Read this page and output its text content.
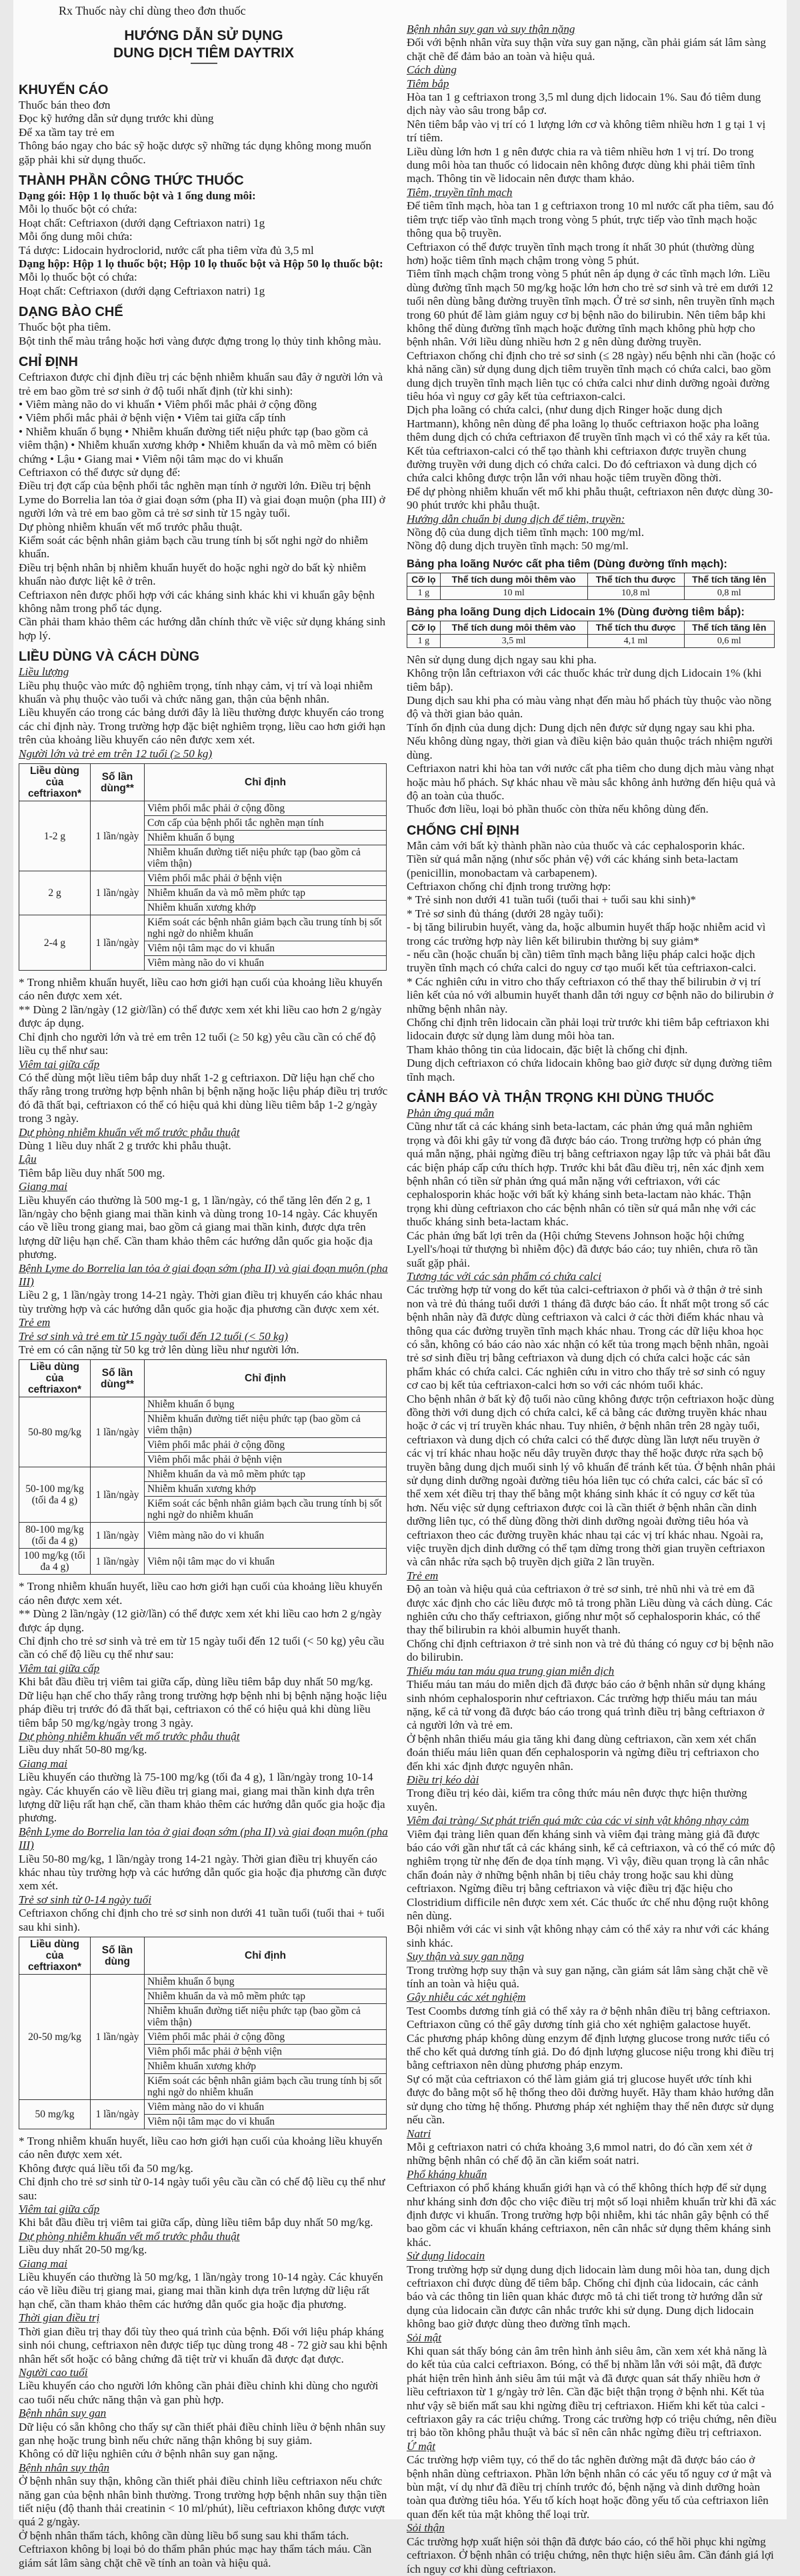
Rx Thuốc này chỉ dùng theo đơn thuốc
HƯỚNG DẪN SỬ DỤNG
DUNG DỊCH TIÊM DAYTRIX
KHUYẾN CÁO

Thuốc bán theo đơn

Đọc kỹ hướng dẫn sử dụng trước khi dùng

Để xa tầm tay trẻ em

Thông báo ngay cho bác sỹ hoặc dược sỹ những tác dụng không mong muốn gặp phải khi sử dụng thuốc.

THÀNH PHẦN CÔNG THỨC THUỐC

Dạng gói: Hộp 1 lọ thuốc bột và 1 ống dung môi:

Mỗi lọ thuốc bột có chứa:

Hoạt chất: Ceftriaxon (dưới dạng Ceftriaxon natri) 1g

Mỗi ống dung môi chứa:

Tá dược: Lidocain hydroclorid, nước cất pha tiêm vừa đủ 3,5 ml

Dạng hộp: Hộp 1 lọ thuốc bột; Hộp 10 lọ thuốc bột và Hộp 50 lọ thuốc bột:

Mỗi lọ thuốc bột có chứa:

Hoạt chất: Ceftriaxon (dưới dạng Ceftriaxon natri) 1g

DẠNG BÀO CHẾ

Thuốc bột pha tiêm.

Bột tinh thể màu trắng hoặc hơi vàng được đựng trong lọ thủy tinh không màu.

CHỈ ĐỊNH

Ceftriaxon được chỉ định điều trị các bệnh nhiễm khuẩn sau đây ở người lớn và trẻ em bao gồm trẻ sơ sinh ở độ tuổi nhất định (từ khi sinh):

• Viêm màng não do vi khuẩn • Viêm phổi mắc phải ở cộng đồng

• Viêm phổi mắc phải ở bệnh viện • Viêm tai giữa cấp tính

• Nhiễm khuẩn ổ bụng • Nhiễm khuẩn đường tiết niệu phức tạp (bao gồm cả viêm thận) • Nhiễm khuẩn xương khớp • Nhiễm khuẩn da và mô mềm có biến chứng • Lậu • Giang mai • Viêm nội tâm mạc do vi khuẩn

Ceftriaxon có thể được sử dụng để:

Điều trị đợt cấp của bệnh phổi tắc nghẽn mạn tính ở người lớn. Điều trị bệnh Lyme do Borrelia lan tỏa ở giai đoạn sớm (pha II) và giai đoạn muộn (pha III) ở người lớn và trẻ em bao gồm cả trẻ sơ sinh từ 15 ngày tuổi.

Dự phòng nhiễm khuẩn vết mổ trước phẫu thuật.

Kiểm soát các bệnh nhân giảm bạch cầu trung tính bị sốt nghi ngờ do nhiễm khuẩn.

Điều trị bệnh nhân bị nhiễm khuẩn huyết do hoặc nghi ngờ do bất kỳ nhiễm khuẩn nào được liệt kê ở trên.

Ceftriaxon nên được phối hợp với các kháng sinh khác khi vi khuẩn gây bệnh không nằm trong phổ tác dụng.

Cần phải tham khảo thêm các hướng dẫn chính thức về việc sử dụng kháng sinh hợp lý.

LIỀU DÙNG VÀ CÁCH DÙNG

Liều lượng

Liều phụ thuộc vào mức độ nghiêm trọng, tính nhạy cảm, vị trí và loại nhiễm khuẩn và phụ thuộc vào tuổi và chức năng gan, thận của bệnh nhân.

Liều khuyến cáo trong các bảng dưới đây là liều thường được khuyến cáo trong các chỉ định này. Trong trường hợp đặc biệt nghiêm trọng, liều cao hơn giới hạn trên của khoảng liều khuyến cáo nên được xem xét.

Người lớn và trẻ em trên 12 tuổi (≥ 50 kg)

Liều dùng của ceftriaxon*	Số lần dùng**	Chỉ định
1-2 g	1 lần/ngày	Viêm phổi mắc phải ở cộng đồng
		Cơn cấp của bệnh phổi tắc nghẽn mạn tính
		Nhiễm khuẩn ổ bụng
		Nhiễm khuẩn đường tiết niệu phức tạp (bao gồm cả viêm thận)
2 g	1 lần/ngày	Viêm phổi mắc phải ở bệnh viện
		Nhiễm khuẩn da và mô mềm phức tạp
		Nhiễm khuẩn xương khớp
2-4 g	1 lần/ngày	Kiểm soát các bệnh nhân giảm bạch cầu trung tính bị sốt nghi ngờ do nhiễm khuẩn
		Viêm nội tâm mạc do vi khuẩn
		Viêm màng não do vi khuẩn

* Trong nhiễm khuẩn huyết, liều cao hơn giới hạn cuối của khoảng liều khuyến cáo nên được xem xét.

** Dùng 2 lần/ngày (12 giờ/lần) có thể được xem xét khi liều cao hơn 2 g/ngày được áp dụng.

Chỉ định cho người lớn và trẻ em trên 12 tuổi (≥ 50 kg) yêu cầu cần có chế độ liều cụ thể như sau:

Viêm tai giữa cấp

Có thể dùng một liều tiêm bắp duy nhất 1-2 g ceftriaxon. Dữ liệu hạn chế cho thấy rằng trong trường hợp bệnh nhân bị bệnh nặng hoặc liệu pháp điều trị trước đó đã thất bại, ceftriaxon có thể có hiệu quả khi dùng liều tiêm bắp 1-2 g/ngày trong 3 ngày.

Dự phòng nhiễm khuẩn vết mổ trước phẫu thuật

Dùng 1 liều duy nhất 2 g trước khi phẫu thuật.

Lậu

Tiêm bắp liều duy nhất 500 mg.

Giang mai

Liều khuyến cáo thường là 500 mg-1 g, 1 lần/ngày, có thể tăng lên đến 2 g, 1 lần/ngày cho bệnh giang mai thần kinh và dùng trong 10-14 ngày. Các khuyến cáo về liều trong giang mai, bao gồm cả giang mai thần kinh, được dựa trên lượng dữ liệu hạn chế. Cần tham khảo thêm các hướng dẫn quốc gia hoặc địa phương.

Bệnh Lyme do Borrelia lan tỏa ở giai đoạn sớm (pha II) và giai đoạn muộn (pha III)

Liều 2 g, 1 lần/ngày trong 14-21 ngày. Thời gian điều trị khuyến cáo khác nhau tùy trường hợp và các hướng dẫn quốc gia hoặc địa phương cần được xem xét.

Trẻ em

Trẻ sơ sinh và trẻ em từ 15 ngày tuổi đến 12 tuổi (< 50 kg)

Trẻ em có cân nặng từ 50 kg trở lên dùng liều như người lớn.

Liều dùng của ceftriaxon*	Số lần dùng**	Chỉ định
50-80 mg/kg	1 lần/ngày	Nhiễm khuẩn ổ bụng
		Nhiễm khuẩn đường tiết niệu phức tạp (bao gồm cả viêm thận)
		Viêm phổi mắc phải ở cộng đồng
		Viêm phổi mắc phải ở bệnh viện
50-100 mg/kg (tối đa 4 g)	1 lần/ngày	Nhiễm khuẩn da và mô mềm phức tạp
		Nhiễm khuẩn xương khớp
		Kiểm soát các bệnh nhân giảm bạch cầu trung tính bị sốt nghi ngờ do nhiễm khuẩn
80-100 mg/kg (tối đa 4 g)	1 lần/ngày	Viêm màng não do vi khuẩn
100 mg/kg (tối đa 4 g)	1 lần/ngày	Viêm nội tâm mạc do vi khuẩn

* Trong nhiễm khuẩn huyết, liều cao hơn giới hạn cuối của khoảng liều khuyến cáo nên được xem xét.

** Dùng 2 lần/ngày (12 giờ/lần) có thể được xem xét khi liều cao hơn 2 g/ngày được áp dụng.

Chỉ định cho trẻ sơ sinh và trẻ em từ 15 ngày tuổi đến 12 tuổi (< 50 kg) yêu cầu cần có chế độ liều cụ thể như sau:

Viêm tai giữa cấp

Khi bắt đầu điều trị viêm tai giữa cấp, dùng liều tiêm bắp duy nhất 50 mg/kg. Dữ liệu hạn chế cho thấy rằng trong trường hợp bệnh nhi bị bệnh nặng hoặc liệu pháp điều trị trước đó đã thất bại, ceftriaxon có thể có hiệu quả khi dùng liều tiêm bắp 50 mg/kg/ngày trong 3 ngày.

Dự phòng nhiễm khuẩn vết mổ trước phẫu thuật

Liều duy nhất 50-80 mg/kg.

Giang mai

Liều khuyến cáo thường là 75-100 mg/kg (tối đa 4 g), 1 lần/ngày trong 10-14 ngày. Các khuyến cáo về liều điều trị giang mai, giang mai thần kinh dựa trên lượng dữ liệu rất hạn chế, cần tham khảo thêm các hướng dẫn quốc gia hoặc địa phương.

Bệnh Lyme do Borrelia lan tỏa ở giai đoạn sớm (pha II) và giai đoạn muộn (pha III)

Liều 50-80 mg/kg, 1 lần/ngày trong 14-21 ngày. Thời gian điều trị khuyến cáo khác nhau tùy trường hợp và các hướng dẫn quốc gia hoặc địa phương cần được xem xét.

Trẻ sơ sinh từ 0-14 ngày tuổi

Ceftriaxon chống chỉ định cho trẻ sơ sinh non dưới 41 tuần tuổi (tuổi thai + tuổi sau khi sinh).

Liều dùng của ceftriaxon*	Số lần dùng	Chỉ định
20-50 mg/kg	1 lần/ngày	Nhiễm khuẩn ổ bụng
		Nhiễm khuẩn da và mô mềm phức tạp
		Nhiễm khuẩn đường tiết niệu phức tạp (bao gồm cả viêm thận)
		Viêm phổi mắc phải ở cộng đồng
		Viêm phổi mắc phải ở bệnh viện
		Nhiễm khuẩn xương khớp
		Kiểm soát các bệnh nhân giảm bạch cầu trung tính bị sốt nghi ngờ do nhiễm khuẩn
50 mg/kg	1 lần/ngày	Viêm màng não do vi khuẩn
		Viêm nội tâm mạc do vi khuẩn

* Trong nhiễm khuẩn huyết, liều cao hơn giới hạn cuối của khoảng liều khuyến cáo nên được xem xét.

Không được quá liều tối đa 50 mg/kg.

Chỉ định cho trẻ sơ sinh từ 0-14 ngày tuổi yêu cầu cần có chế độ liều cụ thể như sau:

Viêm tai giữa cấp

Khi bắt đầu điều trị viêm tai giữa cấp, dùng liều tiêm bắp duy nhất 50 mg/kg.

Dự phòng nhiễm khuẩn vết mổ trước phẫu thuật

Liều duy nhất 20-50 mg/kg.

Giang mai

Liều khuyến cáo thường là 50 mg/kg, 1 lần/ngày trong 10-14 ngày. Các khuyến cáo về liều điều trị giang mai, giang mai thần kinh dựa trên lượng dữ liệu rất hạn chế, cần tham khảo thêm các hướng dẫn quốc gia hoặc địa phương.

Thời gian điều trị

Thời gian điều trị thay đổi tùy theo quá trình của bệnh. Đối với liệu pháp kháng sinh nói chung, ceftriaxon nên được tiếp tục dùng trong 48 - 72 giờ sau khi bệnh nhân hết sốt hoặc có bằng chứng đã tiệt trừ vi khuẩn đã được đạt được.

Người cao tuổi

Liều khuyến cáo cho người lớn không cần phải điều chỉnh khi dùng cho người cao tuổi nếu chức năng thận và gan phù hợp.

Bệnh nhân suy gan

Dữ liệu có sẵn không cho thấy sự cần thiết phải điều chỉnh liều ở bệnh nhân suy gan nhẹ hoặc trung bình nếu chức năng thận không bị suy giảm.

Không có dữ liệu nghiên cứu ở bệnh nhân suy gan nặng.

Bệnh nhân suy thận

Ở bệnh nhân suy thận, không cần thiết phải điều chỉnh liều ceftriaxon nếu chức năng gan của bệnh nhân bình thường. Trong trường hợp bệnh nhân suy thận tiền tiết niệu (độ thanh thải creatinin < 10 ml/phút), liều ceftriaxon không được vượt quá 2 g/ngày.

Ở bệnh nhân thẩm tách, không cần dùng liều bổ sung sau khi thẩm tách. Ceftriaxon không bị loại bỏ do thẩm phân phúc mạc hay thẩm tách máu. Cần giám sát lâm sàng chặt chẽ về tính an toàn và hiệu quả.

Bệnh nhân suy gan và suy thận nặng

Đối với bệnh nhân vừa suy thận vừa suy gan nặng, cần phải giám sát lâm sàng chặt chẽ để đảm bảo an toàn và hiệu quả.

Cách dùng

Tiêm bắp

Hòa tan 1 g ceftriaxon trong 3,5 ml dung dịch lidocain 1%. Sau đó tiêm dung dịch này vào sâu trong bắp cơ.

Nên tiêm bắp vào vị trí có 1 lượng lớn cơ và không tiêm nhiều hơn 1 g tại 1 vị trí tiêm.

Liều dùng lớn hơn 1 g nên được chia ra và tiêm nhiều hơn 1 vị trí. Do trong dung môi hòa tan thuốc có lidocain nên không được dùng khi phải tiêm tĩnh mạch. Thông tin về lidocain nên được tham khảo.

Tiêm, truyền tĩnh mạch

Để tiêm tĩnh mạch, hòa tan 1 g ceftriaxon trong 10 ml nước cất pha tiêm, sau đó tiêm trực tiếp vào tĩnh mạch trong vòng 5 phút, trực tiếp vào tĩnh mạch hoặc thông qua bộ truyền.

Ceftriaxon có thể được truyền tĩnh mạch trong ít nhất 30 phút (thường dùng hơn) hoặc tiêm tĩnh mạch chậm trong vòng 5 phút.

Tiêm tĩnh mạch chậm trong vòng 5 phút nên áp dụng ở các tĩnh mạch lớn. Liều dùng đường tĩnh mạch 50 mg/kg hoặc lớn hơn cho trẻ sơ sinh và trẻ em dưới 12 tuổi nên dùng bằng đường truyền tĩnh mạch. Ở trẻ sơ sinh, nên truyền tĩnh mạch trong 60 phút để làm giảm nguy cơ bị bệnh não do bilirubin. Nên tiêm bắp khi không thể dùng đường tĩnh mạch hoặc đường tĩnh mạch không phù hợp cho bệnh nhân. Với liều dùng nhiều hơn 2 g nên dùng đường truyền.

Ceftriaxon chống chỉ định cho trẻ sơ sinh (≤ 28 ngày) nếu bệnh nhi cần (hoặc có khả năng cần) sử dụng dung dịch tiêm truyền tĩnh mạch có chứa calci, bao gồm dung dịch truyền tĩnh mạch liên tục có chứa calci như dinh dưỡng ngoài đường tiêu hóa vì nguy cơ gây kết tủa ceftriaxon-calci.

Dịch pha loãng có chứa calci, (như dung dịch Ringer hoặc dung dịch Hartmann), không nên dùng để pha loãng lọ thuốc ceftriaxon hoặc pha loãng thêm dung dịch có chứa ceftriaxon để truyền tĩnh mạch vì có thể xảy ra kết tủa. Kết tủa ceftriaxon-calci có thể tạo thành khi ceftriaxon được truyền chung đường truyền với dung dịch có chứa calci. Do đó ceftriaxon và dung dịch có chứa calci không được trộn lẫn với nhau hoặc tiêm truyền đồng thời.

Để dự phòng nhiễm khuẩn vết mổ khi phẫu thuật, ceftriaxon nên được dùng 30-90 phút trước khi phẫu thuật.

Hướng dẫn chuẩn bị dung dịch để tiêm, truyền:

Nồng độ của dung dịch tiêm tĩnh mạch: 100 mg/ml.

Nồng độ dung dịch truyền tĩnh mạch: 50 mg/ml.

Bảng pha loãng Nước cất pha tiêm (Dùng đường tĩnh mạch):
Cỡ lọ	Thể tích dung môi thêm vào	Thể tích thu được	Thể tích tăng lên
1 g	10 ml	10,8 ml	0,8 ml
Bảng pha loãng Dung dịch Lidocain 1% (Dùng đường tiêm bắp):
Cỡ lọ	Thể tích dung môi thêm vào	Thể tích thu được	Thể tích tăng lên
1 g	3,5 ml	4,1 ml	0,6 ml

Nên sử dụng dung dịch ngay sau khi pha.

Không trộn lẫn ceftriaxon với các thuốc khác trừ dung dịch Lidocain 1% (khi tiêm bắp).

Dung dịch sau khi pha có màu vàng nhạt đến màu hổ phách tùy thuộc vào nồng độ và thời gian bảo quản.

Tính ổn định của dung dịch: Dung dịch nên được sử dụng ngay sau khi pha. Nếu không dùng ngay, thời gian và điều kiện bảo quản thuộc trách nhiệm người dùng.

Ceftriaxon natri khi hòa tan với nước cất pha tiêm cho dung dịch màu vàng nhạt hoặc màu hổ phách. Sự khác nhau về màu sắc không ảnh hưởng đến hiệu quả và độ an toàn của thuốc.

Thuốc đơn liều, loại bỏ phần thuốc còn thừa nếu không dùng đến.

CHỐNG CHỈ ĐỊNH

Mẫn cảm với bất kỳ thành phần nào của thuốc và các cephalosporin khác.

Tiền sử quá mẫn nặng (như sốc phản vệ) với các kháng sinh beta-lactam (penicillin, monobactam và carbapenem).

Ceftriaxon chống chỉ định trong trường hợp:

* Trẻ sinh non dưới 41 tuần tuổi (tuổi thai + tuổi sau khi sinh)*

* Trẻ sơ sinh đủ tháng (dưới 28 ngày tuổi):

- bị tăng bilirubin huyết, vàng da, hoặc albumin huyết thấp hoặc nhiễm acid vì trong các trường hợp này liên kết bilirubin thường bị suy giảm*

- nếu cần (hoặc chuẩn bị cần) tiêm tĩnh mạch bằng liệu pháp calci hoặc dịch truyền tĩnh mạch có chứa calci do nguy cơ tạo muối kết tủa ceftriaxon-calci.

* Các nghiên cứu in vitro cho thấy ceftriaxon có thể thay thế bilirubin ở vị trí liên kết của nó với albumin huyết thanh dẫn tới nguy cơ bệnh não do bilirubin ở những bệnh nhân này.

Chống chỉ định trên lidocain cần phải loại trừ trước khi tiêm bắp ceftriaxon khi lidocain được sử dụng làm dung môi hòa tan.

Tham khảo thông tin của lidocain, đặc biệt là chống chỉ định.

Dung dịch ceftriaxon có chứa lidocain không bao giờ được sử dụng đường tiêm tĩnh mạch.

CẢNH BÁO VÀ THẬN TRỌNG KHI DÙNG THUỐC

Phản ứng quá mẫn

Cũng như tất cả các kháng sinh beta-lactam, các phản ứng quá mẫn nghiêm trọng và đôi khi gây tử vong đã được báo cáo. Trong trường hợp có phản ứng quá mẫn nặng, phải ngừng điều trị bằng ceftriaxon ngay lập tức và phải bắt đầu các biện pháp cấp cứu thích hợp. Trước khi bắt đầu điều trị, nên xác định xem bệnh nhân có tiền sử phản ứng quá mẫn nặng với ceftriaxon, với các cephalosporin khác hoặc với bất kỳ kháng sinh beta-lactam nào khác. Thận trọng khi dùng ceftriaxon cho các bệnh nhân có tiền sử quá mẫn nhẹ với các thuốc kháng sinh beta-lactam khác.

Các phản ứng bất lợi trên da (Hội chứng Stevens Johnson hoặc hội chứng Lyell's/hoại tử thượng bì nhiễm độc) đã được báo cáo; tuy nhiên, chưa rõ tần suất gặp phải.

Tương tác với các sản phẩm có chứa calci

Các trường hợp tử vong do kết tủa calci-ceftriaxon ở phổi và ở thận ở trẻ sinh non và trẻ đủ tháng tuổi dưới 1 tháng đã được báo cáo. Ít nhất một trong số các bệnh nhân này đã được dùng ceftriaxon và calci ở các thời điểm khác nhau và thông qua các đường truyền tĩnh mạch khác nhau. Trong các dữ liệu khoa học có sẵn, không có báo cáo nào xác nhận có kết tủa trong mạch bệnh nhân, ngoài trẻ sơ sinh điều trị bằng ceftriaxon và dung dịch có chứa calci hoặc các sản phẩm khác có chứa calci. Các nghiên cứu in vitro cho thấy trẻ sơ sinh có nguy cơ cao bị kết tủa ceftriaxon-calci hơn so với các nhóm tuổi khác.

Cho bệnh nhân ở bất kỳ độ tuổi nào cũng không được trộn ceftriaxon hoặc dùng đồng thời với dung dịch có chứa calci, kể cả bằng các đường truyền khác nhau hoặc ở các vị trí truyền khác nhau. Tuy nhiên, ở bệnh nhân trên 28 ngày tuổi, ceftriaxon và dung dịch có chứa calci có thể được dùng lần lượt nếu truyền ở các vị trí khác nhau hoặc nếu dây truyền được thay thế hoặc được rửa sạch bộ truyền bằng dung dịch muối sinh lý vô khuẩn để tránh kết tủa. Ở bệnh nhân phải sử dụng dinh dưỡng ngoài đường tiêu hóa liên tục có chứa calci, các bác sĩ có thể xem xét điều trị thay thế bằng một kháng sinh khác ít có nguy cơ kết tủa hơn. Nếu việc sử dụng ceftriaxon được coi là cần thiết ở bệnh nhân cần dinh dưỡng liên tục, có thể dùng đồng thời dinh dưỡng ngoài đường tiêu hóa và ceftriaxon theo các đường truyền khác nhau tại các vị trí khác nhau. Ngoài ra, việc truyền dịch dinh dưỡng có thể tạm dừng trong thời gian truyền ceftriaxon và cân nhắc rửa sạch bộ truyền dịch giữa 2 lần truyền.

Trẻ em

Độ an toàn và hiệu quả của ceftriaxon ở trẻ sơ sinh, trẻ nhũ nhi và trẻ em đã được xác định cho các liều được mô tả trong phần Liều dùng và cách dùng. Các nghiên cứu cho thấy ceftriaxon, giống như một số cephalosporin khác, có thể thay thế bilirubin ra khỏi albumin huyết thanh.

Chống chỉ định ceftriaxon ở trẻ sinh non và trẻ đủ tháng có nguy cơ bị bệnh não do bilirubin.

Thiếu máu tan máu qua trung gian miễn dịch

Thiếu máu tan máu do miễn dịch đã được báo cáo ở bệnh nhân sử dụng kháng sinh nhóm cephalosporin như ceftriaxon. Các trường hợp thiếu máu tan máu nặng, kể cả tử vong đã được báo cáo trong quá trình điều trị bằng ceftriaxon ở cả người lớn và trẻ em.

Ở bệnh nhân thiếu máu gia tăng khi đang dùng ceftriaxon, cần xem xét chẩn đoán thiếu máu liên quan đến cephalosporin và ngừng điều trị ceftriaxon cho đến khi xác định được nguyên nhân.

Điều trị kéo dài

Trong điều trị kéo dài, kiểm tra công thức máu nên được thực hiện thường xuyên.

Viêm đại tràng/ Sự phát triển quá mức của các vi sinh vật không nhạy cảm

Viêm đại tràng liên quan đến kháng sinh và viêm đại tràng màng giả đã được báo cáo với gần như tất cả các kháng sinh, kể cả ceftriaxon, và có thể có mức độ nghiêm trọng từ nhẹ đến đe dọa tính mạng. Vì vậy, điều quan trọng là cân nhắc chẩn đoán này ở những bệnh nhân bị tiêu chảy trong hoặc sau khi dùng ceftriaxon. Ngừng điều trị bằng ceftriaxon và việc điều trị đặc hiệu cho Clostridium difficile nên được xem xét. Các thuốc ức chế nhu động ruột không nên dùng.

Bội nhiễm với các vi sinh vật không nhạy cảm có thể xảy ra như với các kháng sinh khác.

Suy thận và suy gan nặng

Trong trường hợp suy thận và suy gan nặng, cần giám sát lâm sàng chặt chẽ về tính an toàn và hiệu quả.

Gây nhiễu các xét nghiệm

Test Coombs dương tính giả có thể xảy ra ở bệnh nhân điều trị bằng ceftriaxon. Ceftriaxon cũng có thể gây dương tính giả cho xét nghiệm galactose huyết.

Các phương pháp không dùng enzym để định lượng glucose trong nước tiểu có thể cho kết quả dương tính giả. Do đó định lượng glucose niệu trong khi điều trị bằng ceftriaxon nên dùng phương pháp enzym.

Sự có mặt của ceftriaxon có thể làm giảm giá trị glucose huyết ước tính khi được đo bằng một số hệ thống theo dõi đường huyết. Hãy tham khảo hướng dẫn sử dụng cho từng hệ thống. Phương pháp xét nghiệm thay thế nên được sử dụng nếu cần.

Natri

Mỗi g ceftriaxon natri có chứa khoảng 3,6 mmol natri, do đó cần xem xét ở những bệnh nhân có chế độ ăn cần kiểm soát natri.

Phổ kháng khuẩn

Ceftriaxon có phổ kháng khuẩn giới hạn và có thể không thích hợp để sử dụng như kháng sinh đơn độc cho việc điều trị một số loại nhiễm khuẩn trừ khi đã xác định được vi khuẩn. Trong trường hợp bội nhiễm, khi tác nhân gây bệnh có thể bao gồm các vi khuẩn kháng ceftriaxon, nên cân nhắc sử dụng thêm kháng sinh khác.

Sử dụng lidocain

Trong trường hợp sử dụng dung dịch lidocain làm dung môi hòa tan, dung dịch ceftriaxon chỉ được dùng để tiêm bắp. Chống chỉ định của lidocain, các cảnh báo và các thông tin liên quan khác được mô tả chi tiết trong tờ hướng dẫn sử dụng của lidocain cần được cân nhắc trước khi sử dụng. Dung dịch lidocain không bao giờ được dùng theo đường tĩnh mạch.

Sỏi mật

Khi quan sát thấy bóng cản âm trên hình ảnh siêu âm, cần xem xét khả năng là do kết tủa của calci ceftriaxon. Bóng, có thể bị nhầm lẫn với sỏi mật, đã được phát hiện trên hình ảnh siêu âm túi mật và đã được quan sát thấy nhiều hơn ở liều ceftriaxon từ 1 g/ngày trở lên. Cần đặc biệt thận trọng ở bệnh nhi. Kết tủa như vậy sẽ biến mất sau khi ngừng điều trị ceftriaxon. Hiếm khi kết tủa calci - ceftriaxon gây ra các triệu chứng. Trong các trường hợp có triệu chứng, nên điều trị bảo tồn không phẫu thuật và bác sĩ nên cân nhắc ngừng điều trị ceftriaxon.

Ứ mật

Các trường hợp viêm tụy, có thể do tắc nghẽn đường mật đã được báo cáo ở bệnh nhân dùng ceftriaxon. Phần lớn bệnh nhân có các yếu tố nguy cơ ứ mật và bùn mật, ví dụ như đã điều trị chính trước đó, bệnh nặng và dinh dưỡng hoàn toàn qua đường tiêu hóa. Yếu tố kích hoạt hoặc đồng yếu tố của ceftriaxon liên quan đến kết tủa mật không thể loại trừ.

Sỏi thận

Các trường hợp xuất hiện sỏi thận đã được báo cáo, có thể hồi phục khi ngừng ceftriaxon. Ở bệnh nhân có triệu chứng, nên thực hiện siêu âm. Cần đánh giá lợi ích nguy cơ khi dùng ceftriaxon.
